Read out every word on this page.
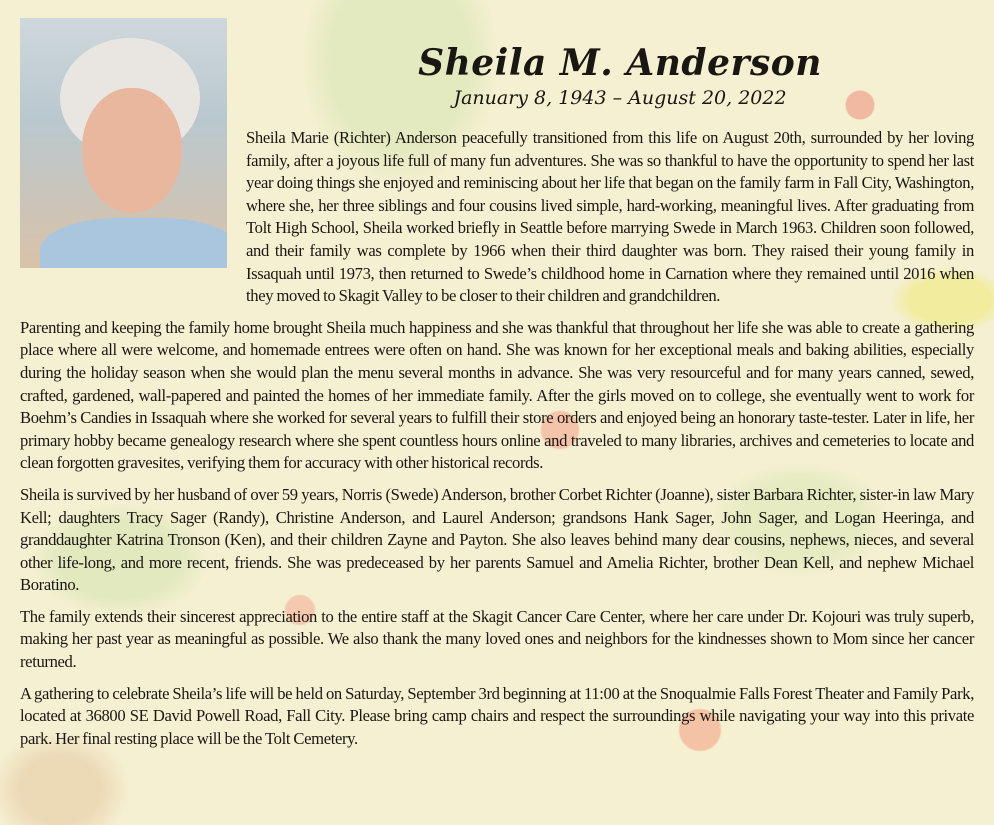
Sheila M. Anderson
January 8, 1943 – August 20, 2022

Sheila Marie (Richter) Anderson peacefully transitioned from this life on August 20th, surrounded by her loving family, after a joyous life full of many fun adventures. She was so thankful to have the opportunity to spend her last year doing things she enjoyed and reminiscing about her life that began on the family farm in Fall City, Washington, where she, her three siblings and four cousins lived simple, hard-working, meaningful lives. After graduating from Tolt High School, Sheila worked briefly in Seattle before marrying Swede in March 1963. Children soon followed, and their family was complete by 1966 when their third daughter was born. They raised their young family in Issaquah until 1973, then returned to Swede’s childhood home in Carnation where they remained until 2016 when they moved to Skagit Valley to be closer to their children and grandchildren.

Parenting and keeping the family home brought Sheila much happiness and she was thankful that throughout her life she was able to create a gathering place where all were welcome, and homemade entrees were often on hand. She was known for her exceptional meals and baking abilities, especially during the holiday season when she would plan the menu several months in advance. She was very resourceful and for many years canned, sewed, crafted, gardened, wall-papered and painted the homes of her immediate family. After the girls moved on to college, she eventually went to work for Boehm’s Candies in Issaquah where she worked for several years to fulfill their store orders and enjoyed being an honorary taste-tester. Later in life, her primary hobby became genealogy research where she spent countless hours online and traveled to many libraries, archives and cemeteries to locate and clean forgotten gravesites, verifying them for accuracy with other historical records.

Sheila is survived by her husband of over 59 years, Norris (Swede) Anderson, brother Corbet Richter (Joanne), sister Barbara Richter, sister-in law Mary Kell; daughters Tracy Sager (Randy), Christine Anderson, and Laurel Anderson; grandsons Hank Sager, John Sager, and Logan Heeringa, and granddaughter Katrina Tronson (Ken), and their children Zayne and Payton. She also leaves behind many dear cousins, nephews, nieces, and several other life-long, and more recent, friends. She was predeceased by her parents Samuel and Amelia Richter, brother Dean Kell, and nephew Michael Boratino.

The family extends their sincerest appreciation to the entire staff at the Skagit Cancer Care Center, where her care under Dr. Kojouri was truly superb, making her past year as meaningful as possible. We also thank the many loved ones and neighbors for the kindnesses shown to Mom since her cancer returned.

A gathering to celebrate Sheila’s life will be held on Saturday, September 3rd beginning at 11:00 at the Snoqualmie Falls Forest Theater and Family Park, located at 36800 SE David Powell Road, Fall City. Please bring camp chairs and respect the surroundings while navigating your way into this private park. Her final resting place will be the Tolt Cemetery.
